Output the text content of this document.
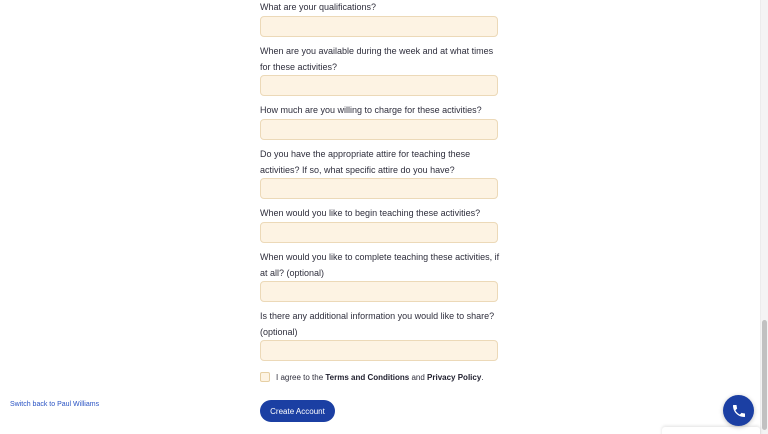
What are your qualifications?
When are you available during the week and at what times for these activities?
How much are you willing to charge for these activities?
Do you have the appropriate attire for teaching these activities? If so, what specific attire do you have?
When would you like to begin teaching these activities?
When would you like to complete teaching these activities, if at all? (optional)
Is there any additional information you would like to share? (optional)
I agree to the Terms and Conditions and Privacy Policy.
Create Account
Switch back to Paul Williams
